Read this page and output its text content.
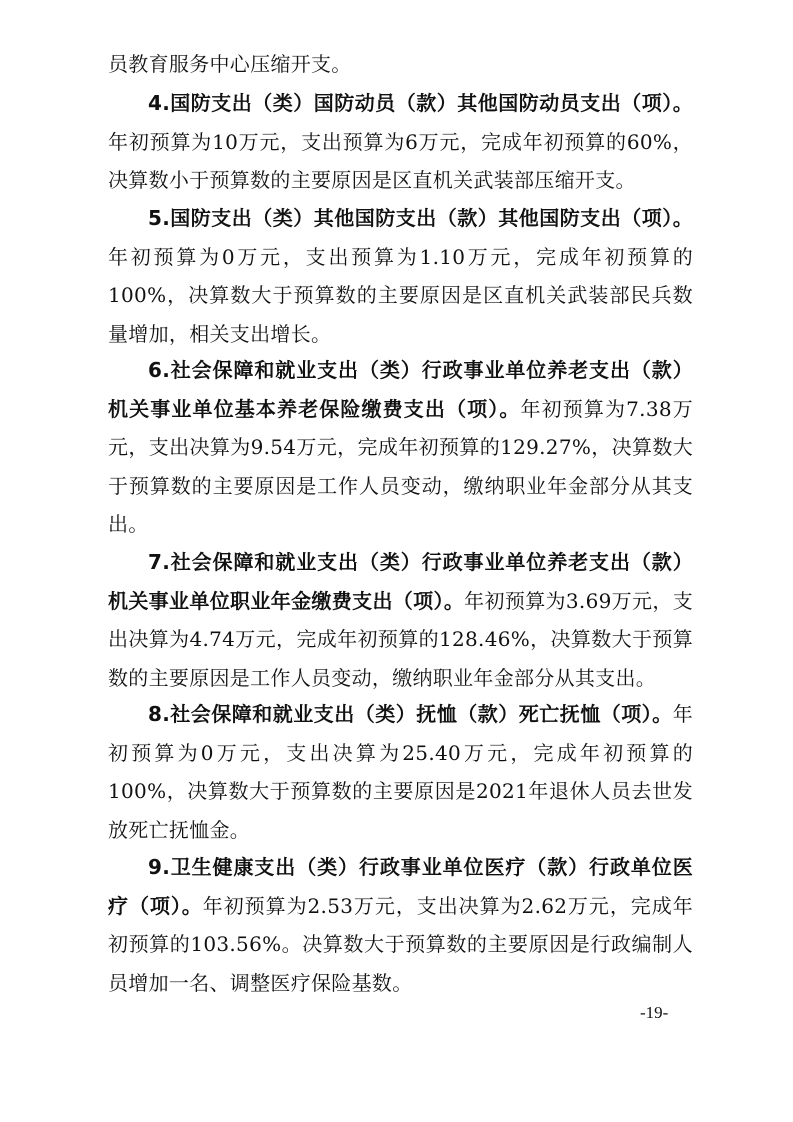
员教育服务中心压缩开支。

4.国防支出（类）国防动员（款）其他国防动员支出（项）。年初预算为10万元，支出预算为6万元，完成年初预算的60%，决算数小于预算数的主要原因是区直机关武装部压缩开支。

5.国防支出（类）其他国防支出（款）其他国防支出（项）。年初预算为0万元，支出预算为1.10万元，完成年初预算的100%，决算数大于预算数的主要原因是区直机关武装部民兵数量增加，相关支出增长。

6.社会保障和就业支出（类）行政事业单位养老支出（款）机关事业单位基本养老保险缴费支出（项）。年初预算为7.38万元，支出决算为9.54万元，完成年初预算的129.27%，决算数大于预算数的主要原因是工作人员变动，缴纳职业年金部分从其支出。

7.社会保障和就业支出（类）行政事业单位养老支出（款）机关事业单位职业年金缴费支出（项）。年初预算为3.69万元，支出决算为4.74万元，完成年初预算的128.46%，决算数大于预算数的主要原因是工作人员变动，缴纳职业年金部分从其支出。

8.社会保障和就业支出（类）抚恤（款）死亡抚恤（项）。年初预算为0万元，支出决算为25.40万元，完成年初预算的100%，决算数大于预算数的主要原因是2021年退休人员去世发放死亡抚恤金。

9.卫生健康支出（类）行政事业单位医疗（款）行政单位医疗（项）。年初预算为2.53万元，支出决算为2.62万元，完成年初预算的103.56%。决算数大于预算数的主要原因是行政编制人员增加一名、调整医疗保险基数。

-19-
